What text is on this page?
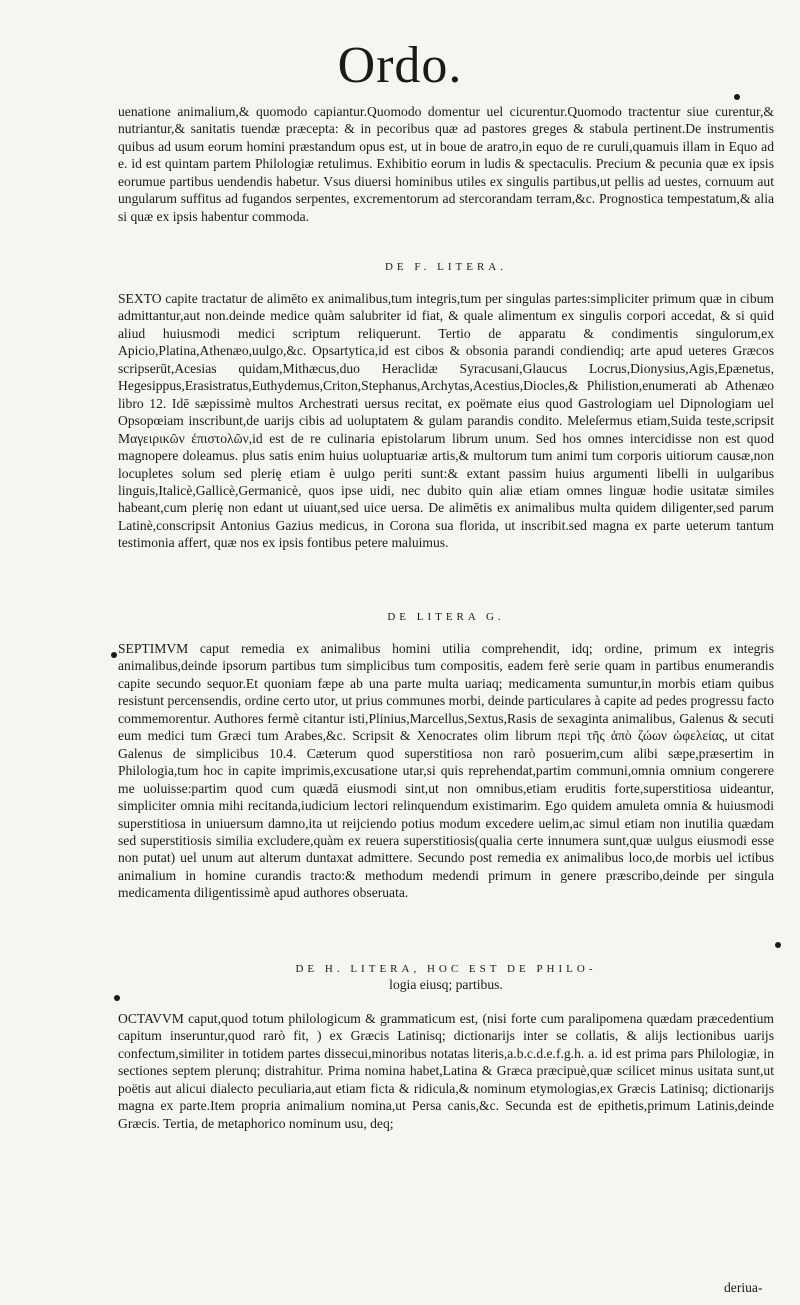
Ordo.
uenatione animalium,& quomodo capiantur.Quomodo domentur uel cicurentur.Quomodo tractentur siue curentur,& nutriantur,& sanitatis tuendæ præcepta: & in pecoribus quæ ad pastores greges & stabula pertinent.De instrumentis quibus ad usum eorum homini præstandum opus est, ut in boue de aratro,in equo de re curuli,quamuis illam in Equo ad e. id est quintam partem Philologiæ retulimus. Exhibitio eorum in ludis & spectaculis. Precium & pecunia quæ ex ipsis eorumue partibus uendendis habetur. Vsus diuersi hominibus utiles ex singulis partibus,ut pellis ad uestes, cornuum aut ungularum suffitus ad fugandos serpentes, excrementorum ad stercorandam terram,&c. Prognostica tempestatum,& alia si quæ ex ipsis habentur commoda.
DE F. LITERA.
SEXTO capite tractatur de alimēto ex animalibus,tum integris,tum per singulas partes:simpliciter primum quæ in cibum admittantur,aut non.deinde medice quàm salubriter id fiat, & quale alimentum ex singulis corpori accedat, & si quid aliud huiusmodi medici scriptum reliquerunt. Tertio de apparatu & condimentis singulorum,ex Apicio,Platina,Athenæo,uulgo,&c. Opsartytica,id est cibos & obsonia parandi condiendiq; arte apud ueteres Græcos scripserūt,Acesias quidam,Mithæcus,duo Heraclidæ Syracusani,Glaucus Locrus,Dionysius,Agis,Epænetus, Hegesippus,Erasistratus,Euthydemus,Criton,Stephanus,Archytas,Acestius,Diocles,& Philistion,enumerati ab Athenæo libro 12. Idē sæpissimè multos Archestrati uersus recitat, ex poëmate eius quod Gastrologiam uel Dipnologiam uel Opsopœiam inscribunt,de uarijs cibis ad uoluptatem & gulam parandis condito. Meleſermus etiam,Suida teste,scripsit Μαγειρικῶν ἐπιστολῶν,id est de re culinaria epistolarum librum unum. Sed hos omnes intercidisse non est quod magnopere doleamus. plus satis enim huius uoluptuariæ artis,& multorum tum animi tum corporis uitiorum causæ,non locupletes solum sed plerię etiam è uulgo periti sunt:& extant passim huius argumenti libelli in uulgaribus linguis,Italicè,Gallicè,Germanicè, quos ipse uidi, nec dubito quin aliæ etiam omnes linguæ hodie usitatæ similes habeant,cum plerię non edant ut uiuant,sed uice uersa. De alimētis ex animalibus multa quidem diligenter,sed parum Latinè,conscripsit Antonius Gazius medicus, in Corona sua florida, ut inscribit.sed magna ex parte ueterum tantum testimonia affert, quæ nos ex ipsis fontibus petere maluimus.
DE LITERA G.
SEPTIMVM caput remedia ex animalibus homini utilia comprehendit, idq; ordine, primum ex integris animalibus,deinde ipsorum partibus tum simplicibus tum compositis, eadem ferè serie quam in partibus enumerandis capite secundo sequor.Et quoniam fæpe ab una parte multa uariaq; medicamenta sumuntur,in morbis etiam quibus resistunt percensendis, ordine certo utor, ut prius communes morbi, deinde particulares à capite ad pedes progressu facto commemorentur. Authores fermè citantur isti,Plinius,Marcellus,Sextus,Rasis de sexaginta animalibus, Galenus & secuti eum medici tum Græci tum Arabes,&c. Scripsit & Xenocrates olim librum περὶ τῆς ἀπὸ ζώων ὠφελείας, ut citat Galenus de simplicibus 10.4. Cæterum quod superstitiosa non rarò posuerim,cum alibi sæpe,præsertim in Philologia,tum hoc in capite imprimis,excusatione utar,si quis reprehendat,partim communi,omnia omnium congerere me uoluisse:partim quod cum quædā eiusmodi sint,ut non omnibus,etiam eruditis forte,superstitiosa uideantur, simpliciter omnia mihi recitanda,iudicium lectori relinquendum existimarim. Ego quidem amuleta omnia & huiusmodi superstitiosa in uniuersum damno,ita ut reijciendo potius modum excedere uelim,ac simul etiam non inutilia quædam sed superstitiosis similia excludere,quàm ex reuera superstitiosis(qualia certe innumera sunt,quæ uulgus eiusmodi esse non putat) uel unum aut alterum duntaxat admittere. Secundo post remedia ex animalibus loco,de morbis uel ictibus animalium in homine curandis tracto:& methodum medendi primum in genere præscribo,deinde per singula medicamenta diligentissimè apud authores obseruata.
DE H. LITERA, HOC EST DE PHILO-
logia eiusq; partibus.
OCTAVVM caput,quod totum philologicum & grammaticum est, (nisi forte cum paralipomena quædam præcedentium capitum inseruntur,quod rarò fit, ) ex Græcis Latinisq; dictionarijs inter se collatis, & alijs lectionibus uarijs confectum,similiter in totidem partes dissecui,minoribus notatas literis,a.b.c.d.e.f.g.h. a. id est prima pars Philologiæ, in sectiones septem plerunq; distrahitur. Prima nomina habet,Latina & Græca præcipuè,quæ scilicet minus usitata sunt,ut poëtis aut alicui dialecto peculiaria,aut etiam ficta & ridicula,& nominum etymologias,ex Græcis Latinisq; dictionarijs magna ex parte.Item propria animalium nomina,ut Persa canis,&c. Secunda est de epithetis,primum Latinis,deinde Græcis. Tertia, de metaphorico nominum usu, deq;
deriua-
